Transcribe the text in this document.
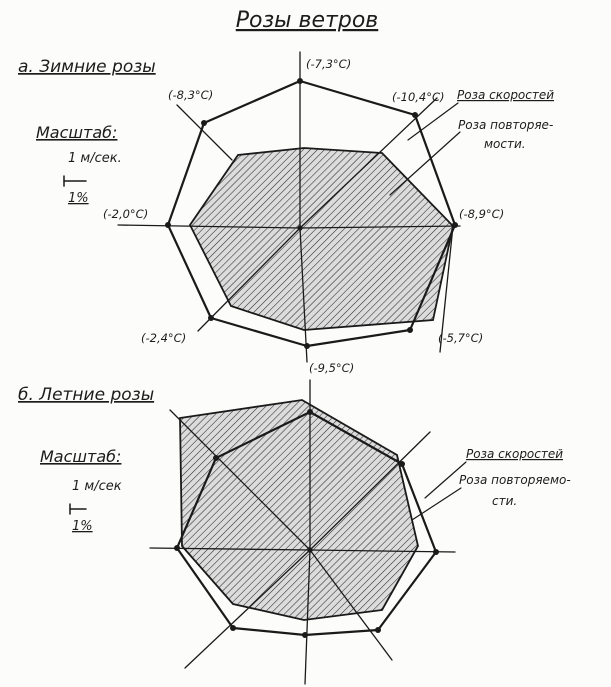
Розы ветров
а. Зимние розы
Масштаб:
1 м/сек.
1%
(-7,3°C)
(-10,4°C)
(-8,9°C)
(-5,7°C)
(-9,5°C)
(-2,4°C)
(-2,0°C)
(-8,3°C)	Роза скоростей
Роза повторяе-
мости.
б. Летние розы
Масштаб:
1 м/сек
1%
Роза скоростей
Роза повторяемо-
сти.
